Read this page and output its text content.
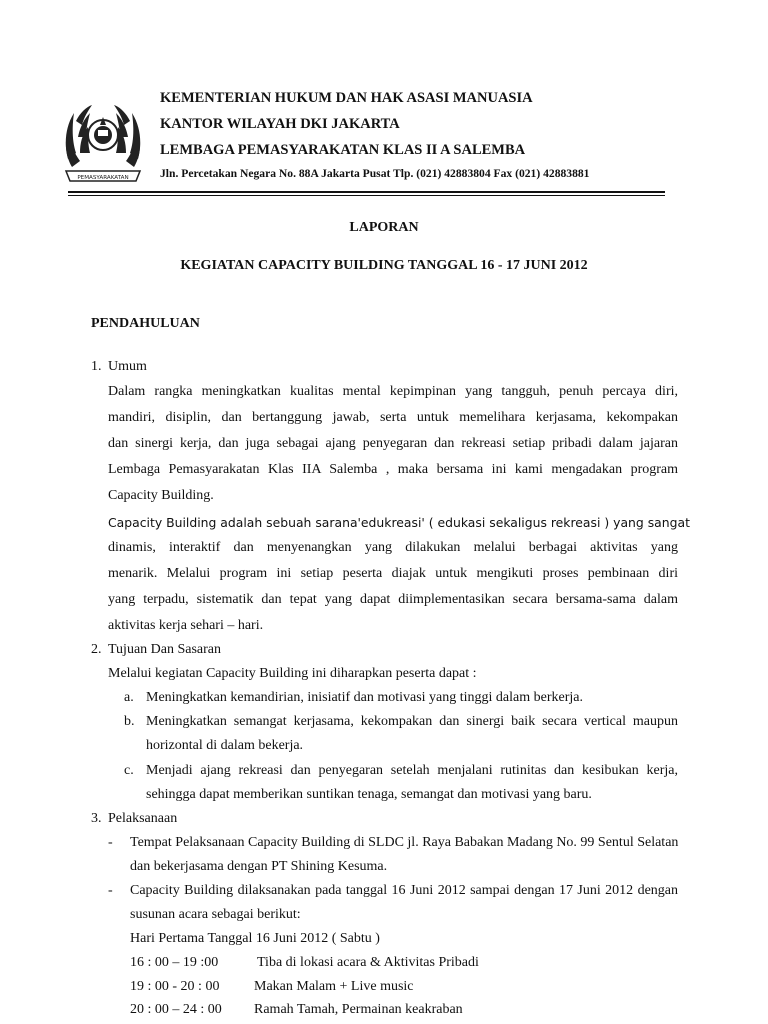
PEMASYARAKATAN
KEMENTERIAN HUKUM DAN HAK ASASI MANUASIA
KANTOR WILAYAH DKI JAKARTA
LEMBAGA PEMASYARAKATAN KLAS II A SALEMBA
Jln. Percetakan Negara No. 88A Jakarta Pusat Tlp. (021) 42883804 Fax (021) 42883881
LAPORAN
KEGIATAN CAPACITY BUILDING TANGGAL 16 - 17 JUNI 2012
PENDAHULUAN
1. Umum
Dalam rangka meningkatkan kualitas mental kepimpinan yang tangguh, penuh percaya diri,
mandiri, disiplin, dan bertanggung jawab, serta untuk memelihara kerjasama, kekompakan
dan sinergi kerja, dan juga sebagai ajang penyegaran dan rekreasi setiap pribadi dalam jajaran
Lembaga Pemasyarakatan Klas IIA Salemba , maka bersama ini kami mengadakan program
Capacity Building.
Capacity Building adalah sebuah sarana'edukreasi' ( edukasi sekaligus rekreasi ) yang sangat
dinamis, interaktif dan menyenangkan yang dilakukan melalui berbagai aktivitas yang
menarik. Melalui program ini setiap peserta diajak untuk mengikuti proses pembinaan diri
yang terpadu, sistematik dan tepat yang dapat diimplementasikan secara bersama-sama dalam
aktivitas kerja sehari – hari.
2. Tujuan Dan Sasaran
Melalui kegiatan Capacity Building ini diharapkan peserta dapat :
a. Meningkatkan kemandirian, inisiatif dan motivasi yang tinggi dalam berkerja.
b. Meningkatkan semangat kerjasama, kekompakan dan sinergi baik secara vertical maupun
horizontal di dalam bekerja.
c. Menjadi ajang rekreasi dan penyegaran setelah menjalani rutinitas dan kesibukan kerja,
sehingga dapat memberikan suntikan tenaga, semangat dan motivasi yang baru.
3. Pelaksanaan
- Tempat Pelaksanaan Capacity Building di SLDC jl. Raya Babakan Madang No. 99 Sentul Selatan
dan bekerjasama dengan PT Shining Kesuma.
- Capacity Building dilaksanakan pada tanggal 16 Juni 2012 sampai dengan 17 Juni 2012 dengan
susunan acara sebagai berikut:
Hari Pertama Tanggal 16 Juni 2012 ( Sabtu )
16 : 00 – 19 :00	Tiba di lokasi acara & Aktivitas Pribadi
19 : 00 - 20 : 00 Makan Malam + Live music
20 : 00 – 24 : 00 Ramah Tamah, Permainan keakraban
